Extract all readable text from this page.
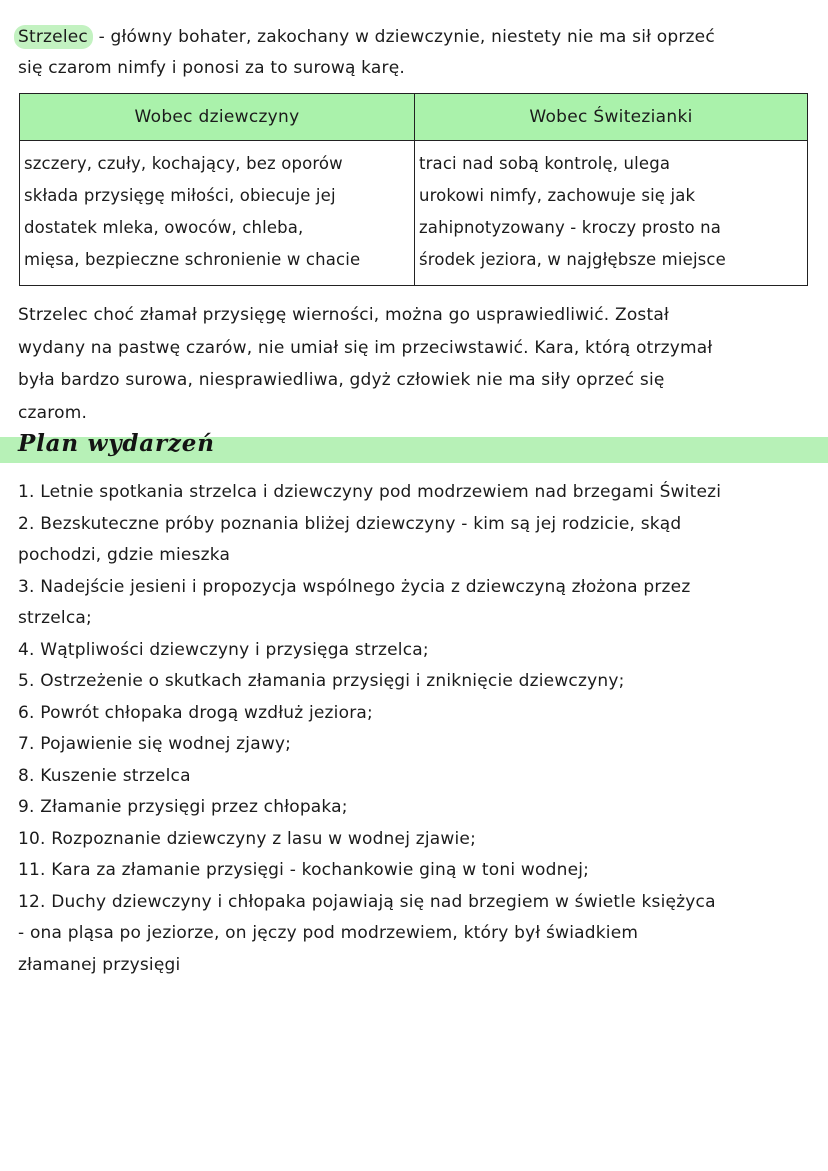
Strzelec - główny bohater, zakochany w dziewczynie, niestety nie ma sił oprzeć
się czarom nimfy i ponosi za to surową karę.
Wobec dziewczyny	Wobec Świtezianki
szczery, czuły, kochający, bez oporów
składa przysięgę miłości, obiecuje jej
dostatek mleka, owoców, chleba,
mięsa, bezpieczne schronienie w chacie
traci nad sobą kontrolę, ulega
urokowi nimfy, zachowuje się jak
zahipnotyzowany - kroczy prosto na
środek jeziora, w najgłębsze miejsce
Strzelec choć złamał przysięgę wierności, można go usprawiedliwić. Został
wydany na pastwę czarów, nie umiał się im przeciwstawić. Kara, którą otrzymał
była bardzo surowa, niesprawiedliwa, gdyż człowiek nie ma siły oprzeć się
czarom.
Plan wydarzeń
1. Letnie spotkania strzelca i dziewczyny pod modrzewiem nad brzegami Świtezi
2. Bezskuteczne próby poznania bliżej dziewczyny - kim są jej rodzicie, skąd
pochodzi, gdzie mieszka
3. Nadejście jesieni i propozycja wspólnego życia z dziewczyną złożona przez
strzelca;
4. Wątpliwości dziewczyny i przysięga strzelca;
5. Ostrzeżenie o skutkach złamania przysięgi i zniknięcie dziewczyny;
6. Powrót chłopaka drogą wzdłuż jeziora;
7. Pojawienie się wodnej zjawy;
8. Kuszenie strzelca
9. Złamanie przysięgi przez chłopaka;
10. Rozpoznanie dziewczyny z lasu w wodnej zjawie;
11. Kara za złamanie przysięgi - kochankowie giną w toni wodnej;
12. Duchy dziewczyny i chłopaka pojawiają się nad brzegiem w świetle księżyca
- ona pląsa po jeziorze, on jęczy pod modrzewiem, który był świadkiem
złamanej przysięgi
